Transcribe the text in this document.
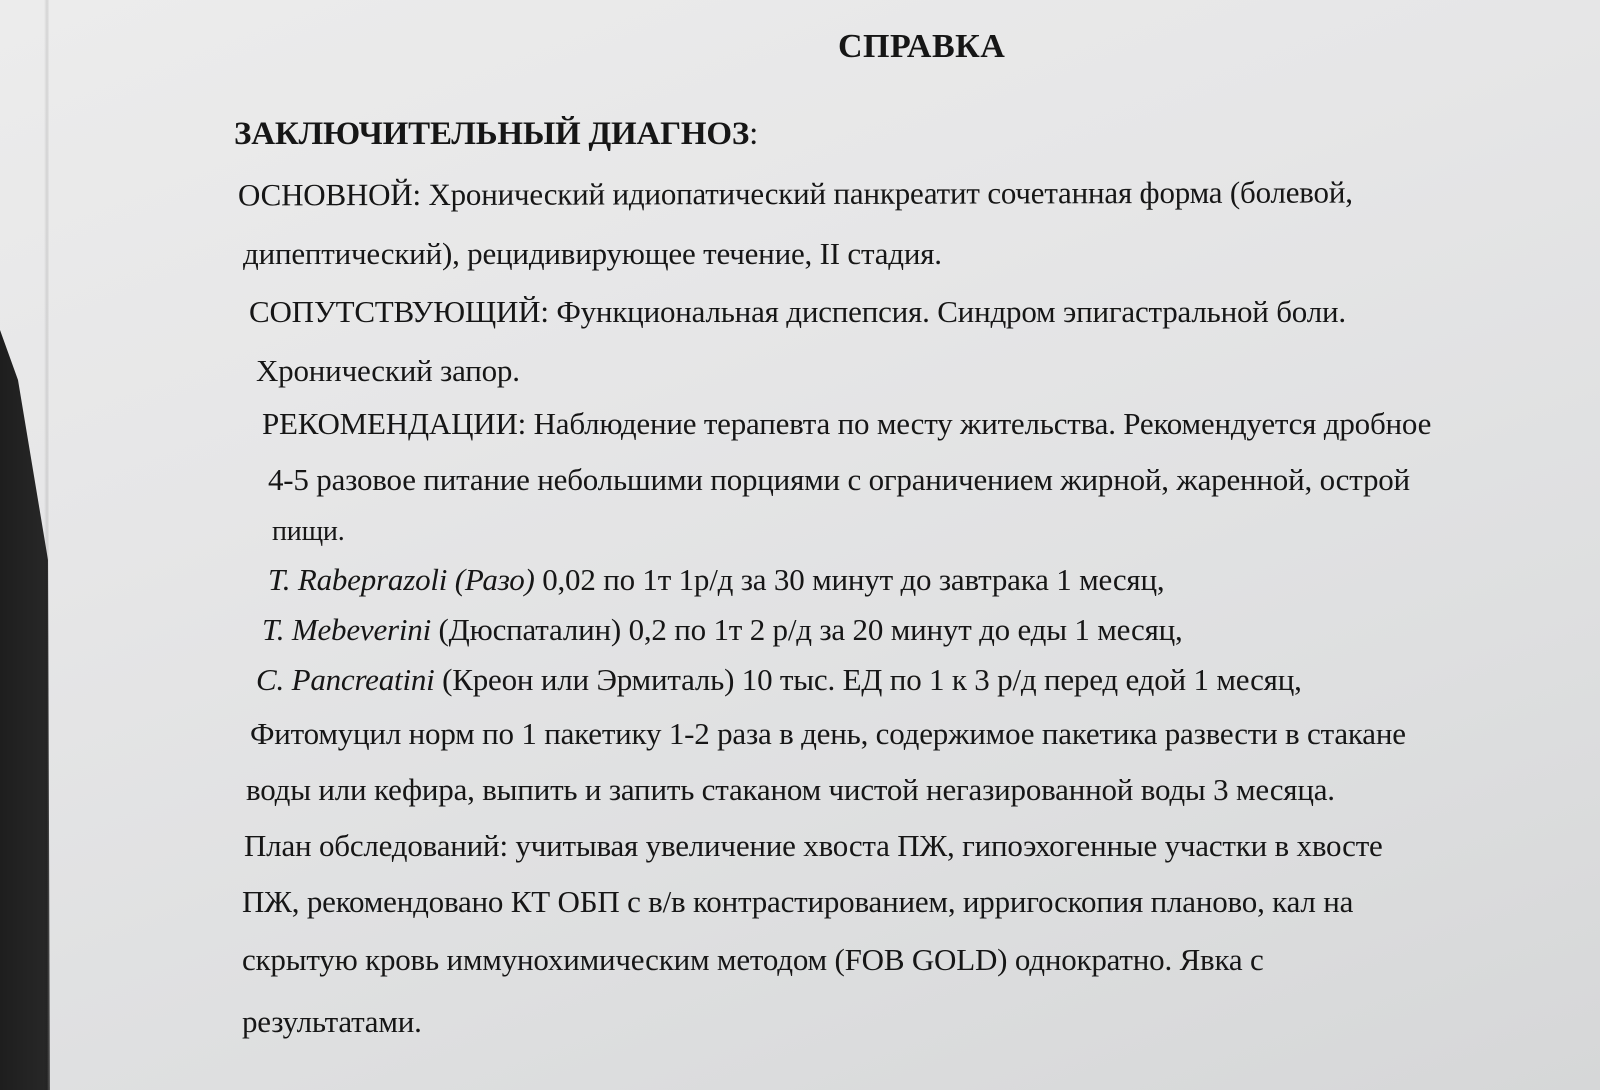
СПРАВКА
ЗАКЛЮЧИТЕЛЬНЫЙ ДИАГНОЗ:
ОСНОВНОЙ: Хронический идиопатический панкреатит сочетанная форма (болевой,
дипептический), рецидивирующее течение, II стадия.
СОПУТСТВУЮЩИЙ: Функциональная диспепсия. Синдром эпигастральной боли.
Хронический запор.
РЕКОМЕНДАЦИИ: Наблюдение терапевта по месту жительства. Рекомендуется дробное
4-5 разовое питание небольшими порциями с ограничением жирной, жаренной, острой
пищи.
T. Rabeprazoli (Разо) 0,02 по 1т 1р/д за 30 минут до завтрака 1 месяц,
T. Mebeverini (Дюспаталин) 0,2 по 1т 2 р/д за 20 минут до еды 1 месяц,
C. Pancreatini (Креон или Эрмиталь) 10 тыс. ЕД по 1 к 3 р/д перед едой 1 месяц,
Фитомуцил норм по 1 пакетику 1-2 раза в день, содержимое пакетика развести в стакане
воды или кефира, выпить и запить стаканом чистой негазированной воды 3 месяца.
План обследований: учитывая увеличение хвоста ПЖ, гипоэхогенные участки в хвосте
ПЖ, рекомендовано КТ ОБП с в/в контрастированием, ирригоскопия планово, кал на
скрытую кровь иммунохимическим методом (FOB GOLD) однократно. Явка с
результатами.
